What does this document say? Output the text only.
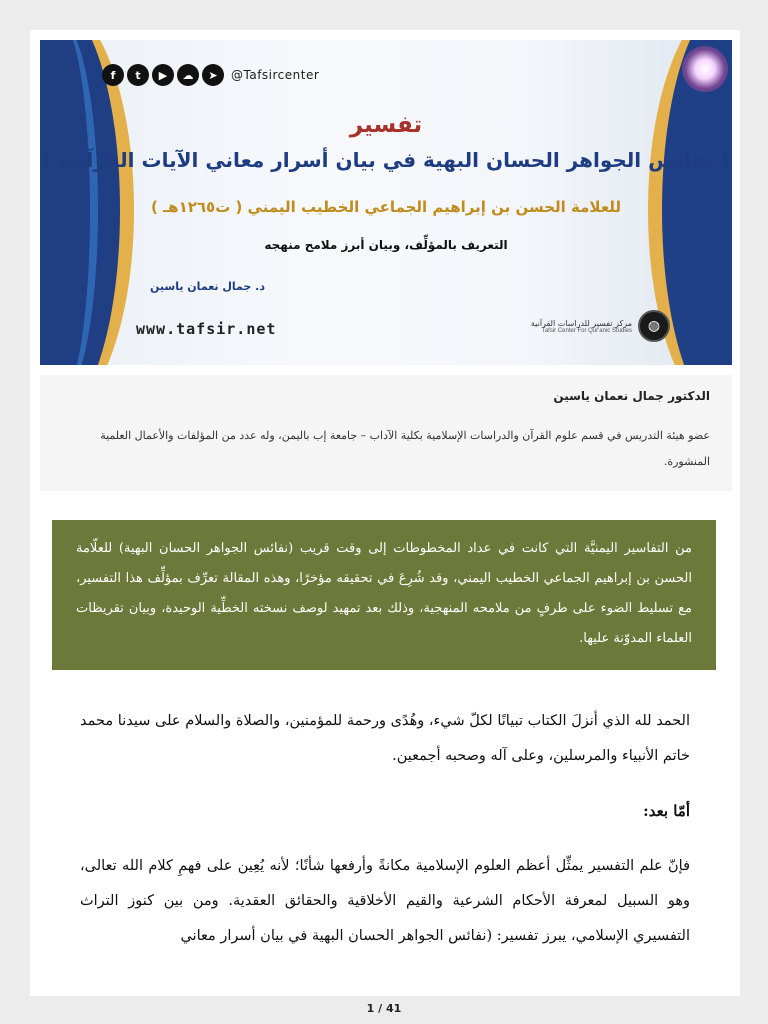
f	t	▶	☁	➤	@Tafsircenter
تفسير
( نفائس الجواهر الحسان البهية في بيان أسرار معاني الآيات القرآنية )
للعلامة الحسن بن إبراهيم الجماعي الخطيب اليمني ( ت١٢٦٥هـ )
التعريف بالمؤلِّف، وبيان أبرز ملامح منهجه
د. جمال نعمان ياسين
www.tafsir.net	◍
مركز تفسير للدراسات القرآنية
Tafsir Center For Qur'anic Studies
الدكتور جمال نعمان ياسين
عضو هيئة التدريس في قسم علوم القرآن والدراسات الإسلامية بكلية الآداب – جامعة إب باليمن، وله عدد من المؤلفات والأعمال العلمية المنشورة.
من التفاسير اليمنيَّة التي كانت في عداد المخطوطات إلى وقت قريب (نفائس الجواهر الحسان البهية) للعلّامة الحسن بن إبراهيم الجماعي الخطيب اليمني، وقد شُرِعَ في تحقيقه مؤخرًا، وهذه المقالة تعرِّف بمؤلِّف هذا التفسير، مع تسليط الضوء على طرفٍ من ملامحه المنهجية، وذلك بعد تمهيد لوصف نسخته الخطِّية الوحيدة، وبيان تقريظات العلماء المدوّنة عليها.

الحمد لله الذي أنزلَ الكتاب تبيانًا لكلّ شيء، وهُدًى ورحمة للمؤمنين، والصلاة والسلام على سيدنا محمد خاتم الأنبياء والمرسلين، وعلى آله وصحبه أجمعين.

أمّا بعد:

فإنّ علم التفسير يمثِّل أعظم العلوم الإسلامية مكانةً وأرفعها شأنًا؛ لأنه يُعِين على فهمِ كلام الله تعالى، وهو السبيل لمعرفة الأحكام الشرعية والقيم الأخلاقية والحقائق العقدية. ومن بين كنوز التراث التفسيري الإسلامي، يبرز تفسير: (نفائس الجواهر الحسان البهية في بيان أسرار معاني

1 / 41
